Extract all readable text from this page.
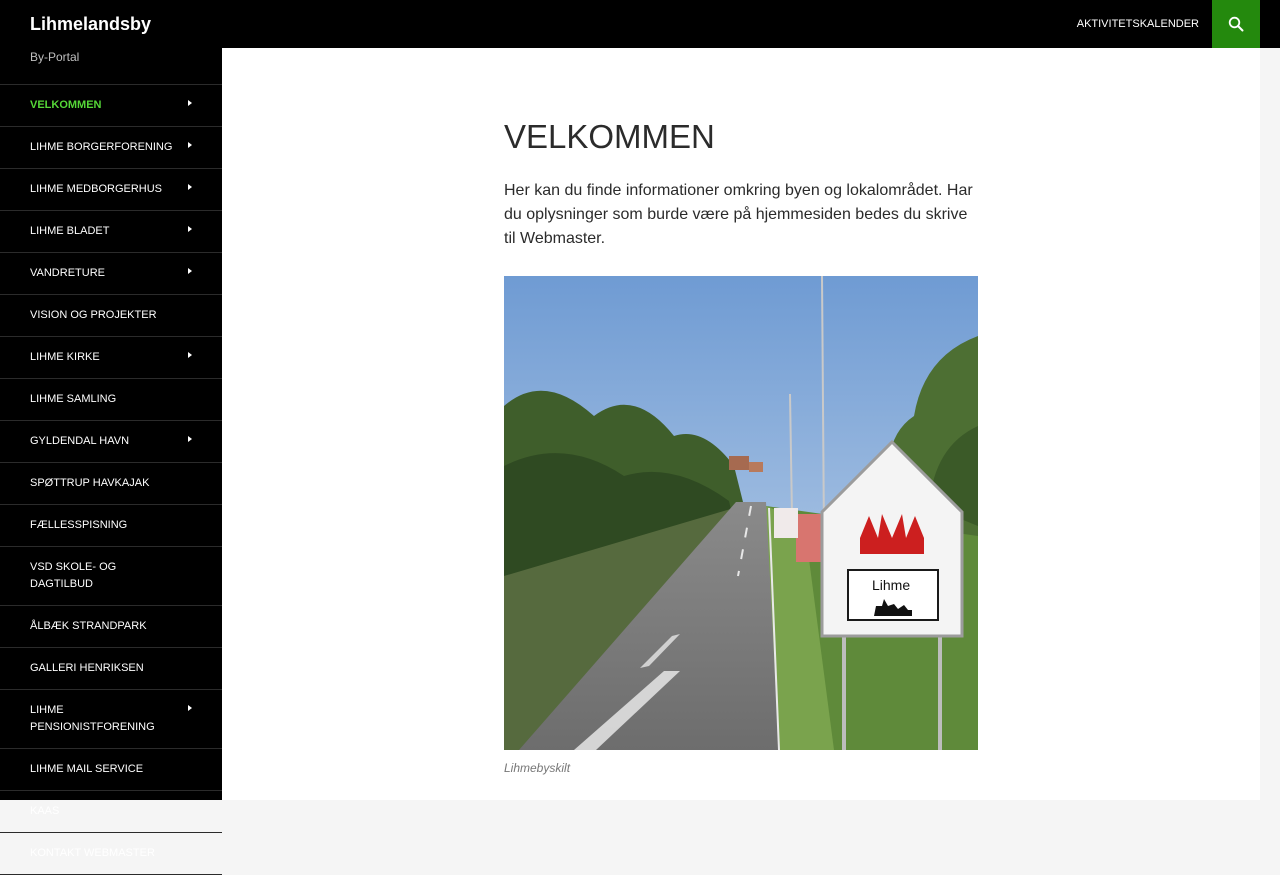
Lihmelandsby
By-Portal
VELKOMMEN
LIHME BORGERFORENING
LIHME MEDBORGERHUS
LIHME BLADET
VANDRETURE
VISION OG PROJEKTER
LIHME KIRKE
LIHME SAMLING
GYLDENDAL HAVN
SPØTTRUP HAVKAJAK
FÆLLESSPISNING
VSD SKOLE- OG DAGTILBUD
ÅLBÆK STRANDPARK
GALLERI HENRIKSEN
LIHME PENSIONISTFORENING
LIHME MAIL SERVICE
KAAS
KONTAKT WEBMASTER
AKTIVITETSKALENDER
VELKOMMEN

Her kan du finde informationer omkring byen og lokalområdet. Har du oplysninger som burde være på hjemmesiden bedes du skrive til Webmaster.

Lihme
Lihmebyskilt
